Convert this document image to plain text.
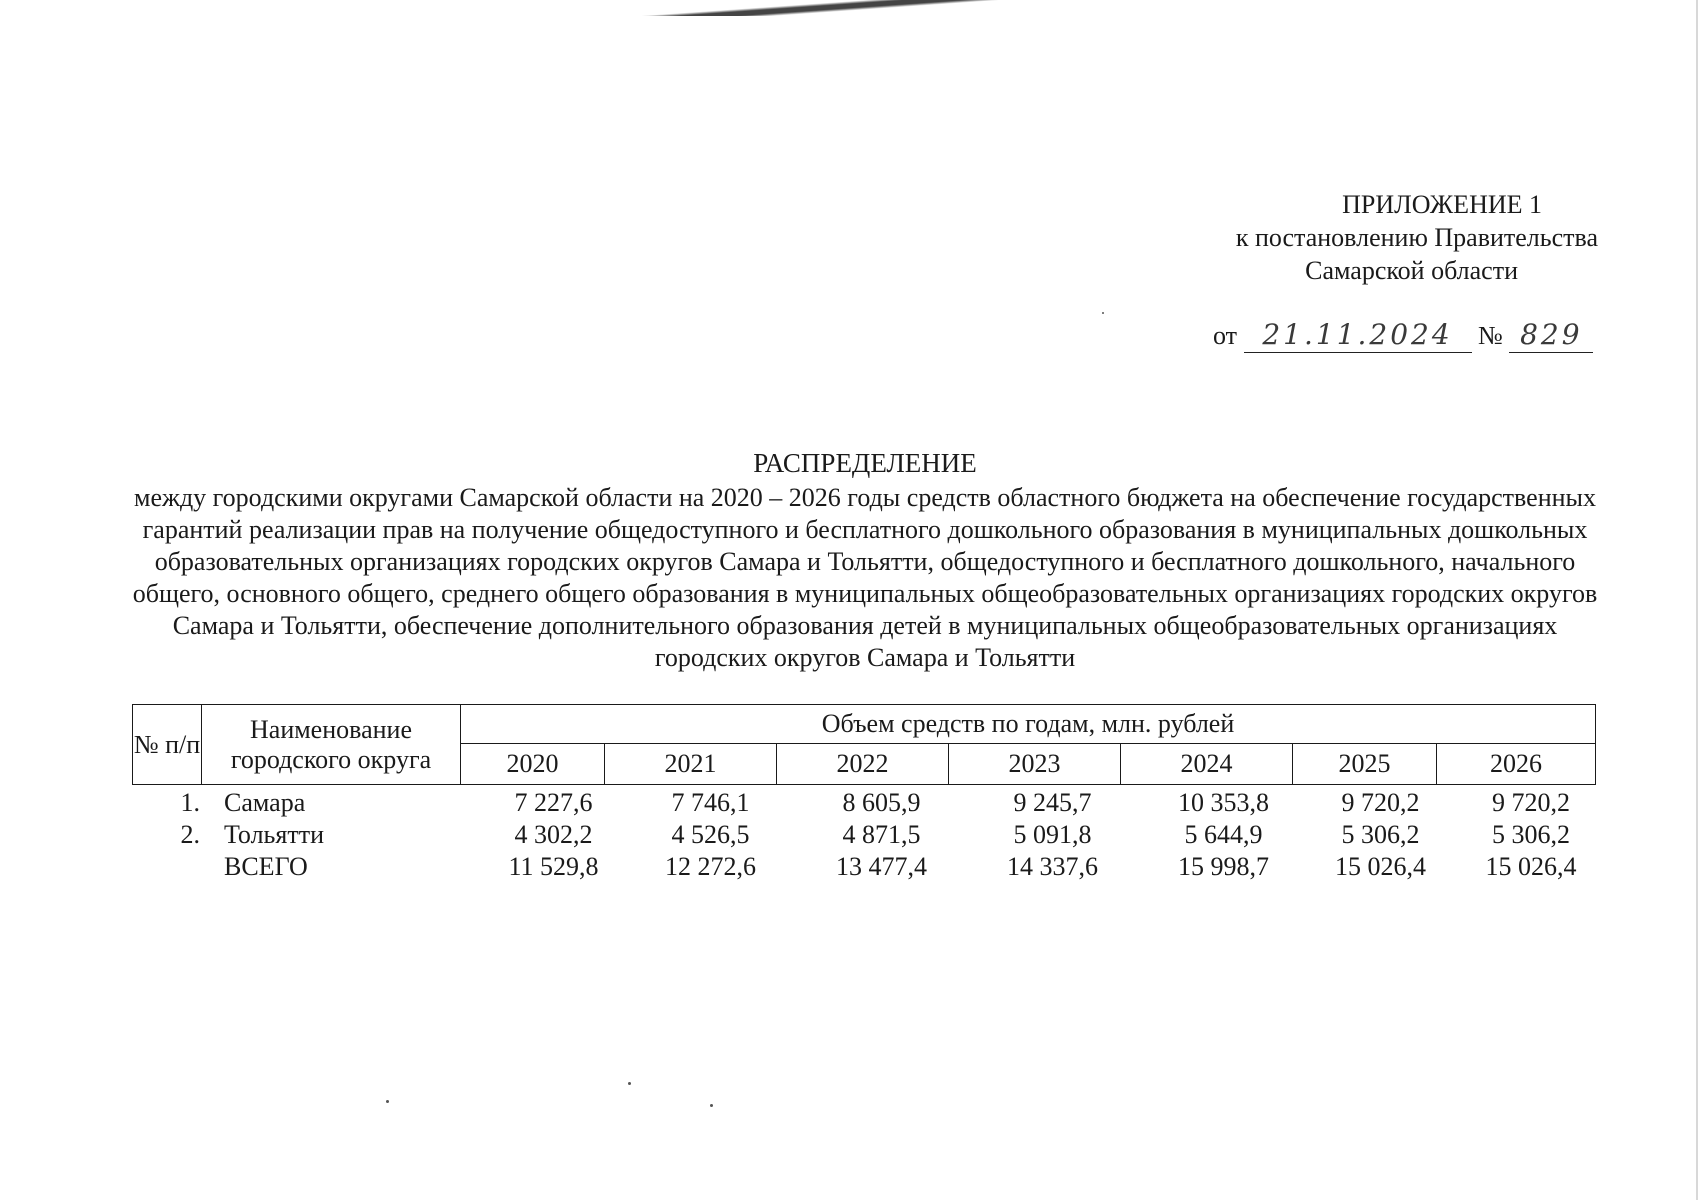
ПРИЛОЖЕНИЕ 1
к постановлению Правительства
Самарской области
от 21.11.2024 № 829
РАСПРЕДЕЛЕНИЕ
между городскими округами Самарской области на 2020 – 2026 годы средств областного бюджета на обеспечение государственных гарантий реализации прав на получение общедоступного и бесплатного дошкольного образования в муниципальных дошкольных образовательных организациях городских округов Самара и Тольятти, общедоступного и бесплатного дошкольного, начального общего, основного общего, среднего общего образования в муниципальных общеобразовательных организациях городских округов Самара и Тольятти, обеспечение дополнительного образования детей в муниципальных общеобразовательных организациях городских округов Самара и Тольятти
№ п/п	Наименование городского округа	Объем средств по годам, млн. рублей						
		2020	2021	2022	2023	2024	2025	2026
1.	Самара	7 227,6	7 746,1	8 605,9	9 245,7	10 353,8	9 720,2	9 720,2
2.	Тольятти	4 302,2	4 526,5	4 871,5	5 091,8	5 644,9	5 306,2	5 306,2
	ВСЕГО	11 529,8	12 272,6	13 477,4	14 337,6	15 998,7	15 026,4	15 026,4
